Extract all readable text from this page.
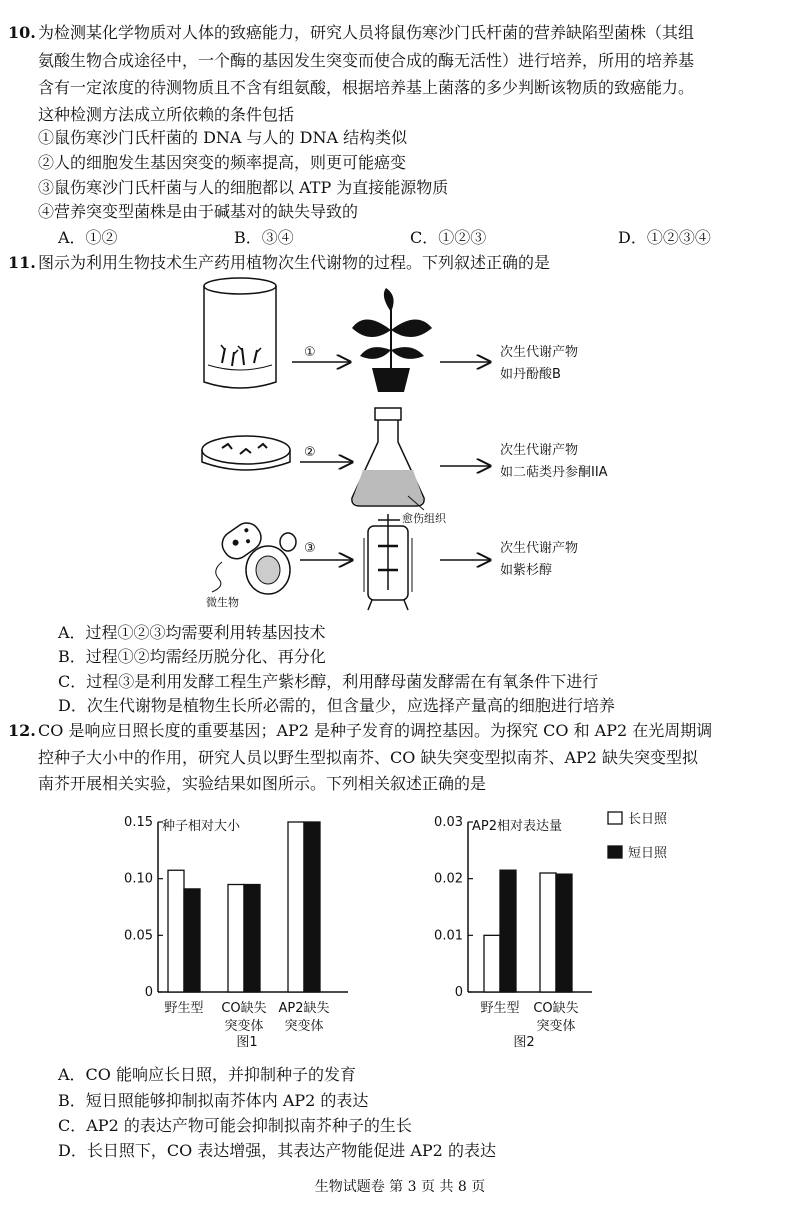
10. 为检测某化学物质对人体的致癌能力，研究人员将鼠伤寒沙门氏杆菌的营养缺陷型菌株（其组
氨酸生物合成途径中，一个酶的基因发生突变而使合成的酶无活性）进行培养，所用的培养基
含有一定浓度的待测物质且不含有组氨酸，根据培养基上菌落的多少判断该物质的致癌能力。
这种检测方法成立所依赖的条件包括
①鼠伤寒沙门氏杆菌的 DNA 与人的 DNA 结构类似
②人的细胞发生基因突变的频率提高，则更可能癌变
③鼠伤寒沙门氏杆菌与人的细胞都以 ATP 为直接能源物质
④营养突变型菌株是由于碱基对的缺失导致的
A．①②	B．③④	C．①②③	D．①②③④
11. 图示为利用生物技术生产药用植物次生代谢物的过程。下列叙述正确的是
①	次生代谢产物
如丹酚酸B
②
愈伤组织
次生代谢产物
如二萜类丹参酮IIA
微生物
③	次生代谢产物
如紫杉醇
A．过程①②③均需要利用转基因技术
B．过程①②均需经历脱分化、再分化
C．过程③是利用发酵工程生产紫杉醇，利用酵母菌发酵需在有氧条件下进行
D．次生代谢物是植物生长所必需的，但含量少，应选择产量高的细胞进行培养
12. CO 是响应日照长度的重要基因；AP2 是种子发育的调控基因。为探究 CO 和 AP2 在光周期调
控种子大小中的作用，研究人员以野生型拟南芥、CO 缺失突变型拟南芥、AP2 缺失突变型拟
南芥开展相关实验，实验结果如图所示。下列相关叙述正确的是
0
0.05
0.10
0.15 种子相对大小
野生型 CO缺失
突变体
AP2缺失
突变体
图1
0
0.01
0.02
0.03 AP2相对表达量
野生型 CO缺失
突变体
图2
长日照
短日照
A．CO 能响应长日照，并抑制种子的发育
B．短日照能够抑制拟南芥体内 AP2 的表达
C．AP2 的表达产物可能会抑制拟南芥种子的生长
D．长日照下，CO 表达增强，其表达产物能促进 AP2 的表达
生物试题卷 第 3 页 共 8 页
